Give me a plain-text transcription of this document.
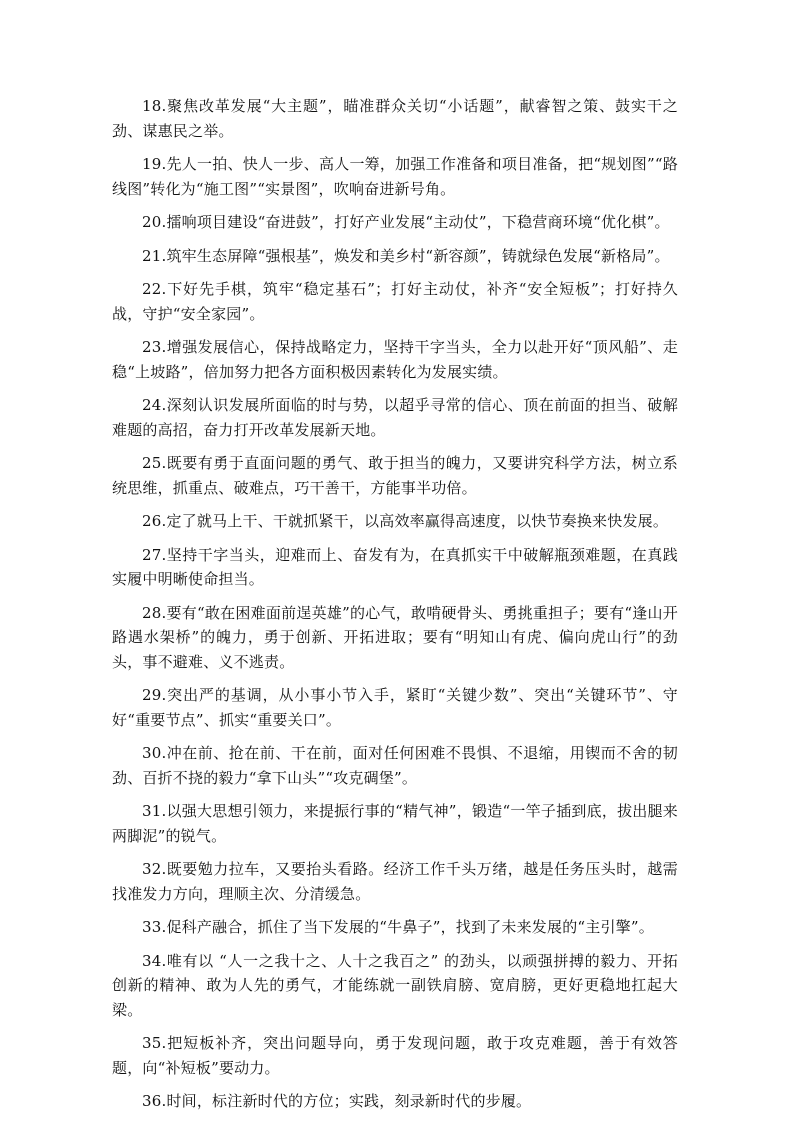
18.聚焦改革发展“大主题”，瞄准群众关切“小话题”，献睿智之策、鼓实干之劲、谋惠民之举。

19.先人一拍、快人一步、高人一筹，加强工作准备和项目准备，把“规划图”“路线图”转化为“施工图”“实景图”，吹响奋进新号角。

20.擂响项目建设“奋进鼓”，打好产业发展“主动仗”，下稳营商环境“优化棋”。

21.筑牢生态屏障“强根基”，焕发和美乡村“新容颜”，铸就绿色发展“新格局”。

22.下好先手棋，筑牢“稳定基石”；打好主动仗，补齐“安全短板”；打好持久战，守护“安全家园”。

23.增强发展信心，保持战略定力，坚持干字当头，全力以赴开好“顶风船”、走稳“上坡路”，倍加努力把各方面积极因素转化为发展实绩。

24.深刻认识发展所面临的时与势，以超乎寻常的信心、顶在前面的担当、破解难题的高招，奋力打开改革发展新天地。

25.既要有勇于直面问题的勇气、敢于担当的魄力，又要讲究科学方法，树立系统思维，抓重点、破难点，巧干善干，方能事半功倍。

26.定了就马上干、干就抓紧干，以高效率赢得高速度，以快节奏换来快发展。

27.坚持干字当头，迎难而上、奋发有为，在真抓实干中破解瓶颈难题，在真践实履中明晰使命担当。

28.要有“敢在困难面前逞英雄”的心气，敢啃硬骨头、勇挑重担子；要有“逢山开路遇水架桥”的魄力，勇于创新、开拓进取；要有“明知山有虎、偏向虎山行”的劲头，事不避难、义不逃责。

29.突出严的基调，从小事小节入手，紧盯“关键少数”、突出“关键环节”、守好“重要节点”、抓实“重要关口”。

30.冲在前、抢在前、干在前，面对任何困难不畏惧、不退缩，用锲而不舍的韧劲、百折不挠的毅力“拿下山头”“攻克碉堡”。

31.以强大思想引领力，来提振行事的“精气神”，锻造“一竿子插到底，拔出腿来两脚泥”的锐气。

32.既要勉力拉车，又要抬头看路。经济工作千头万绪，越是任务压头时，越需找准发力方向，理顺主次、分清缓急。

33.促科产融合，抓住了当下发展的“牛鼻子”，找到了未来发展的“主引擎”。

34.唯有以 “人一之我十之、人十之我百之” 的劲头，以顽强拼搏的毅力、开拓创新的精神、敢为人先的勇气，才能练就一副铁肩膀、宽肩膀，更好更稳地扛起大梁。

35.把短板补齐，突出问题导向，勇于发现问题，敢于攻克难题，善于有效答题，向“补短板”要动力。

36.时间，标注新时代的方位；实践，刻录新时代的步履。
